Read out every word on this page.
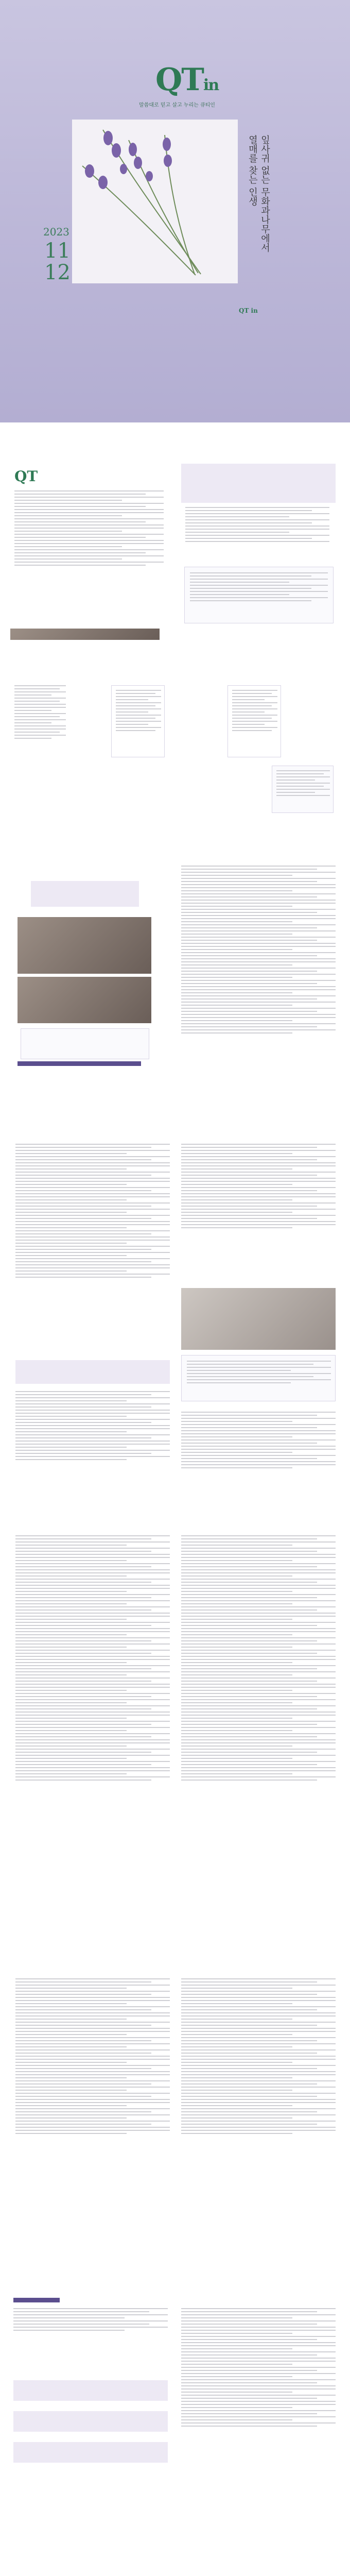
QTin
말씀대로 믿고 살고 누리는 큐티인
2023
11
12
잎사귀 없는 무화과나무에서
열매를 찾는 인생
QT in
QT
